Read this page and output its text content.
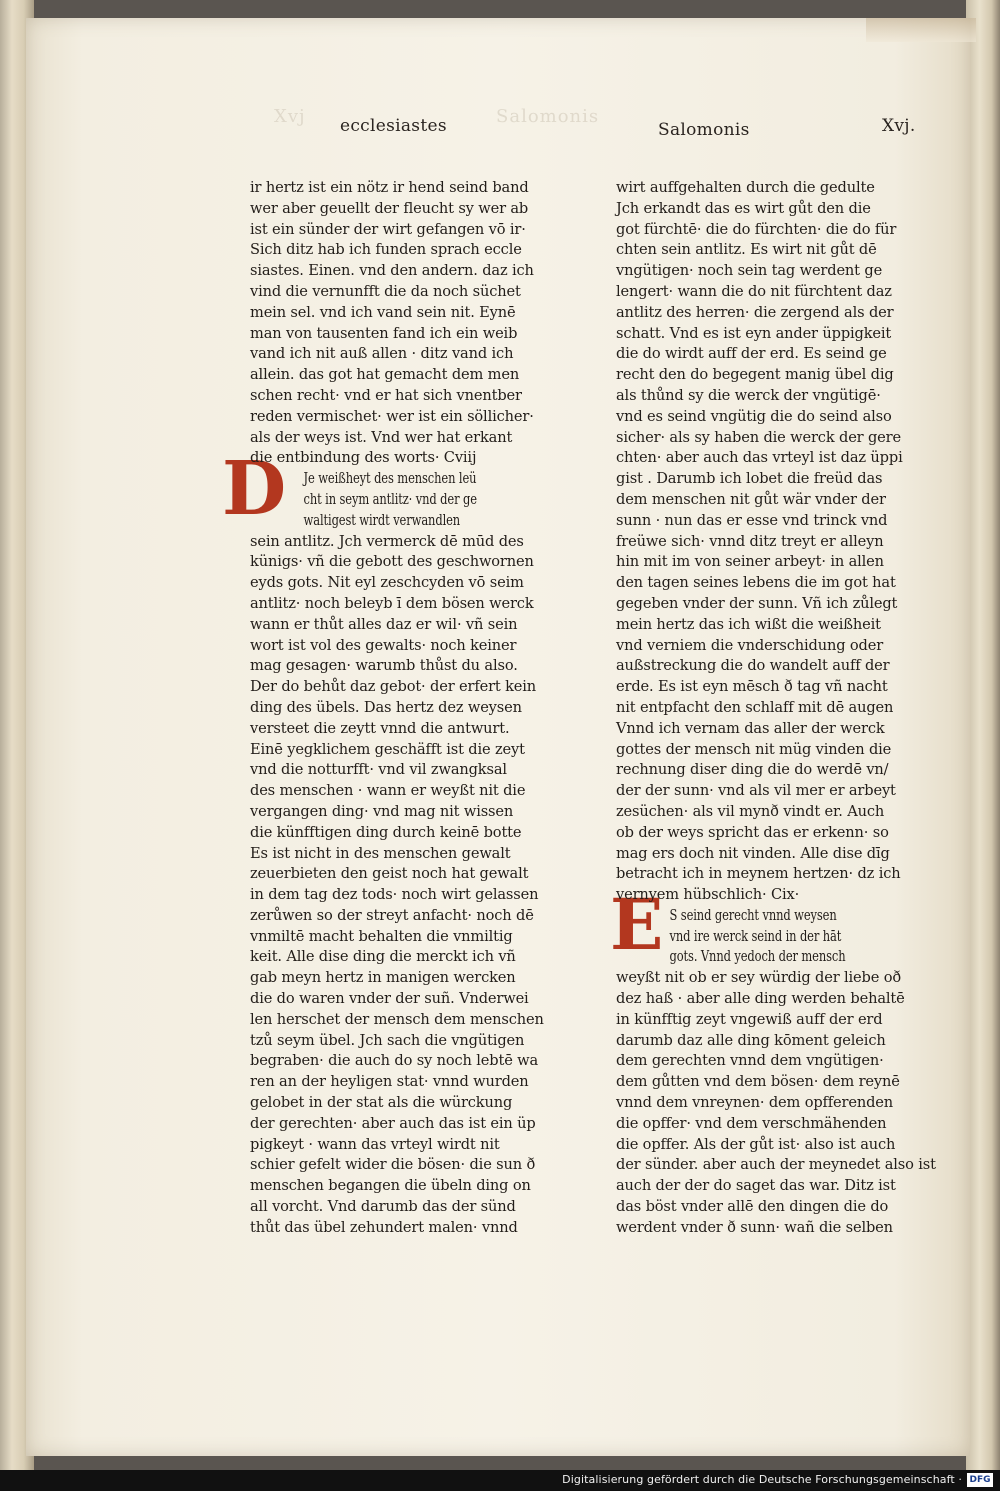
Xvj	Salomonis
ecclesiastes	Salomonis	Xvj.
D
E
ir hertz ist ein nötz ir hend seind band
wer aber geuellt der fleucht sy wer ab
ist ein sünder der wirt gefangen vō ir·
Sich ditz hab ich funden sprach eccle
siastes. Einen. vnd den andern. daz ich
vind die vernunfft die da noch süchet
mein sel. vnd ich vand sein nit. Eynē
man von tausenten fand ich ein weib
vand ich nit auß allen · ditz vand ich
allein. das got hat gemacht dem men
schen recht· vnd er hat sich vnentber
reden vermischet· wer ist ein söllicher·
als der weys ist. Vnd wer hat erkant
die entbindung des worts· Cviij
Je weißheyt des menschen leü
cht in seym antlitz· vnd der ge
waltigest wirdt verwandlen
sein antlitz. Jch vermerck dē mūd des
künigs· vñ die gebott des geschwornen
eyds gots. Nit eyl zeschcyden vō seim
antlitz· noch beleyb ī dem bösen werck
wann er thůt alles daz er wil· vñ sein
wort ist vol des gewalts· noch keiner
mag gesagen· warumb thůst du also.
Der do behůt daz gebot· der erfert kein
ding des übels. Das hertz dez weysen
versteet die zeytt vnnd die antwurt.
Einē yegklichem geschäfft ist die zeyt
vnd die notturfft· vnd vil zwangksal
des menschen · wann er weyßt nit die
vergangen ding· vnd mag nit wissen
die künfftigen ding durch keinē botte
Es ist nicht in des menschen gewalt
zeuerbieten den geist noch hat gewalt
in dem tag dez tods· noch wirt gelassen
zerůwen so der streyt anfacht· noch dē
vnmiltē macht behalten die vnmiltig
keit. Alle dise ding die merckt ich vñ
gab meyn hertz in manigen wercken
die do waren vnder der suñ. Vnderwei
len herschet der mensch dem menschen
tzů seym übel. Jch sach die vngütigen
begraben· die auch do sy noch lebtē wa
ren an der heyligen stat· vnnd wurden
gelobet in der stat als die würckung
der gerechten· aber auch das ist ein üp
pigkeyt · wann das vrteyl wirdt nit
schier gefelt wider die bösen· die sun ð
menschen begangen die übeln ding on
all vorcht. Vnd darumb das der sünd
thůt das übel zehundert malen· vnnd
wirt auffgehalten durch die gedulte
Jch erkandt das es wirt gůt den die
got fürchtē· die do fürchten· die do für
chten sein antlitz. Es wirt nit gůt dē
vngütigen· noch sein tag werdent ge
lengert· wann die do nit fürchtent daz
antlitz des herren· die zergend als der
schatt. Vnd es ist eyn ander üppigkeit
die do wirdt auff der erd. Es seind ge
recht den do begegent manig übel dig
als thůnd sy die werck der vngütigē·
vnd es seind vngütig die do seind also
sicher· als sy haben die werck der gere
chten· aber auch das vrteyl ist daz üppi
gist . Darumb ich lobet die freüd das
dem menschen nit gůt wär vnder der
sunn · nun das er esse vnd trinck vnd
freüwe sich· vnnd ditz treyt er alleyn
hin mit im von seiner arbeyt· in allen
den tagen seines lebens die im got hat
gegeben vnder der sunn. Vñ ich zůlegt
mein hertz das ich wißt die weißheit
vnd verniem die vnderschidung oder
außstreckung die do wandelt auff der
erde. Es ist eyn mēsch ð tag vñ nacht
nit entpfacht den schlaff mit dē augen
Vnnd ich vernam das aller der werck
gottes der mensch nit müg vinden die
rechnung diser ding die do werdē vn/
der der sunn· vnd als vil mer er arbeyt
zesüchen· als vil mynð vindt er. Auch
ob der weys spricht das er erkenn· so
mag ers doch nit vinden. Alle dise dīg
betracht ich in meynem hertzen· dz ich
vernyem hübschlich· Cix·
S seind gerecht vnnd weysen
vnd ire werck seind in der hāt
gots. Vnnd yedoch der mensch
weyßt nit ob er sey würdig der liebe oð
dez haß · aber alle ding werden behaltē
in künfftig zeyt vngewiß auff der erd
darumb daz alle ding kōment geleich
dem gerechten vnnd dem vngütigen·
dem gůtten vnd dem bösen· dem reynē
vnnd dem vnreynen· dem opfferenden
die opffer· vnd dem verschmähenden
die opffer. Als der gůt ist· also ist auch
der sünder. aber auch der meynedet also ist
auch der der do saget das war. Ditz ist
das böst vnder allē den dingen die do
werdent vnder ð sunn· wañ die selben
Digitalisierung gefördert durch die Deutsche Forschungsgemeinschaft · DFG
